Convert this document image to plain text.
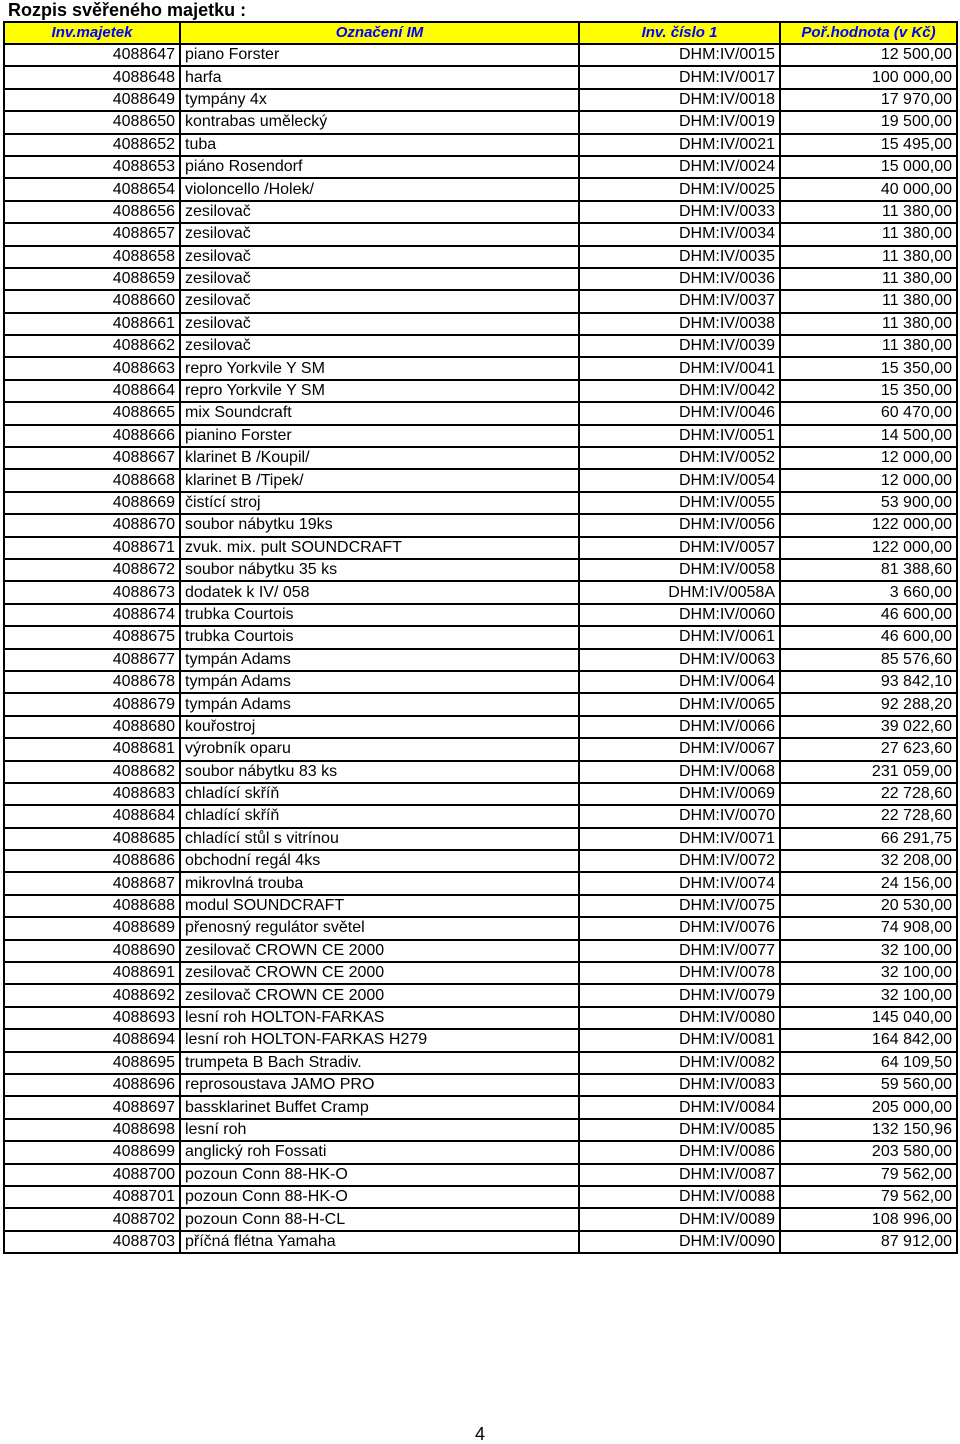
Rozpis svěřeného majetku :
Inv.majetek	Označení IM	Inv. číslo 1	Poř.hodnota (v Kč)
4088647	piano Forster	DHM:IV/0015	12 500,00
4088648	harfa	DHM:IV/0017	100 000,00
4088649	tympány 4x	DHM:IV/0018	17 970,00
4088650	kontrabas umělecký	DHM:IV/0019	19 500,00
4088652	tuba	DHM:IV/0021	15 495,00
4088653	piáno Rosendorf	DHM:IV/0024	15 000,00
4088654	violoncello /Holek/	DHM:IV/0025	40 000,00
4088656	zesilovač	DHM:IV/0033	11 380,00
4088657	zesilovač	DHM:IV/0034	11 380,00
4088658	zesilovač	DHM:IV/0035	11 380,00
4088659	zesilovač	DHM:IV/0036	11 380,00
4088660	zesilovač	DHM:IV/0037	11 380,00
4088661	zesilovač	DHM:IV/0038	11 380,00
4088662	zesilovač	DHM:IV/0039	11 380,00
4088663	repro Yorkvile Y SM	DHM:IV/0041	15 350,00
4088664	repro Yorkvile Y SM	DHM:IV/0042	15 350,00
4088665	mix Soundcraft	DHM:IV/0046	60 470,00
4088666	pianino Forster	DHM:IV/0051	14 500,00
4088667	klarinet B /Koupil/	DHM:IV/0052	12 000,00
4088668	klarinet B /Tipek/	DHM:IV/0054	12 000,00
4088669	čistící stroj	DHM:IV/0055	53 900,00
4088670	soubor nábytku 19ks	DHM:IV/0056	122 000,00
4088671	zvuk. mix. pult SOUNDCRAFT	DHM:IV/0057	122 000,00
4088672	soubor nábytku 35 ks	DHM:IV/0058	81 388,60
4088673	dodatek k IV/ 058	DHM:IV/0058A	3 660,00
4088674	trubka Courtois	DHM:IV/0060	46 600,00
4088675	trubka Courtois	DHM:IV/0061	46 600,00
4088677	tympán Adams	DHM:IV/0063	85 576,60
4088678	tympán Adams	DHM:IV/0064	93 842,10
4088679	tympán Adams	DHM:IV/0065	92 288,20
4088680	kouřostroj	DHM:IV/0066	39 022,60
4088681	výrobník oparu	DHM:IV/0067	27 623,60
4088682	soubor nábytku 83 ks	DHM:IV/0068	231 059,00
4088683	chladící skříň	DHM:IV/0069	22 728,60
4088684	chladící skříň	DHM:IV/0070	22 728,60
4088685	chladící stůl s vitrínou	DHM:IV/0071	66 291,75
4088686	obchodní regál 4ks	DHM:IV/0072	32 208,00
4088687	mikrovlná trouba	DHM:IV/0074	24 156,00
4088688	modul SOUNDCRAFT	DHM:IV/0075	20 530,00
4088689	přenosný regulátor světel	DHM:IV/0076	74 908,00
4088690	zesilovač CROWN CE 2000	DHM:IV/0077	32 100,00
4088691	zesilovač CROWN CE 2000	DHM:IV/0078	32 100,00
4088692	zesilovač CROWN CE 2000	DHM:IV/0079	32 100,00
4088693	lesní roh HOLTON-FARKAS	DHM:IV/0080	145 040,00
4088694	lesní roh HOLTON-FARKAS H279	DHM:IV/0081	164 842,00
4088695	trumpeta B Bach Stradiv.	DHM:IV/0082	64 109,50
4088696	reprosoustava JAMO PRO	DHM:IV/0083	59 560,00
4088697	bassklarinet Buffet Cramp	DHM:IV/0084	205 000,00
4088698	lesní roh	DHM:IV/0085	132 150,96
4088699	anglický roh Fossati	DHM:IV/0086	203 580,00
4088700	pozoun Conn 88-HK-O	DHM:IV/0087	79 562,00
4088701	pozoun Conn 88-HK-O	DHM:IV/0088	79 562,00
4088702	pozoun Conn 88-H-CL	DHM:IV/0089	108 996,00
4088703	příčná flétna Yamaha	DHM:IV/0090	87 912,00
4
